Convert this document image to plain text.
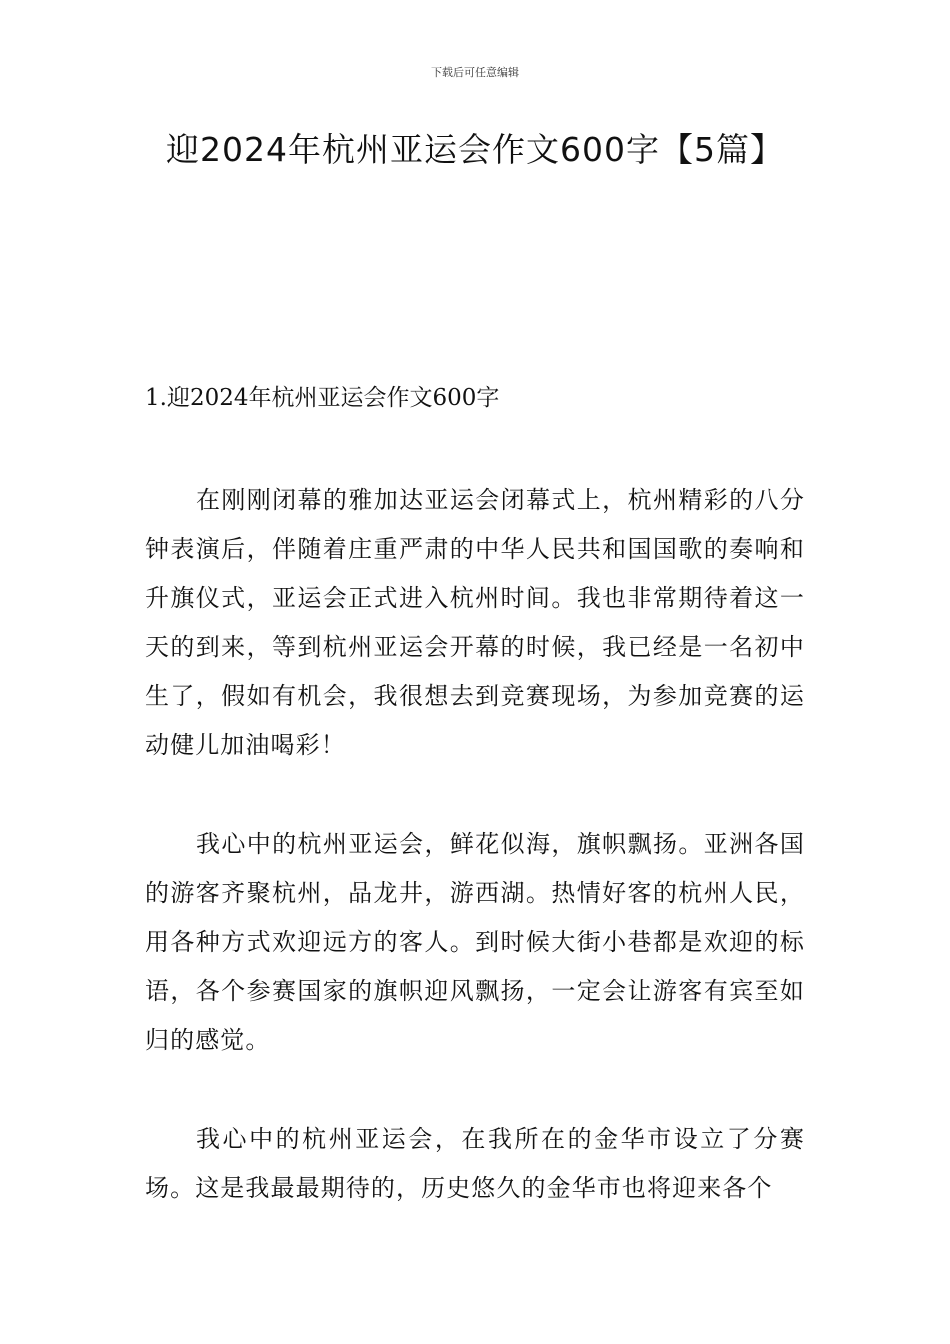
下载后可任意编辑
迎2024年杭州亚运会作文600字【5篇】
1.迎2024年杭州亚运会作文600字

在刚刚闭幕的雅加达亚运会闭幕式上，杭州精彩的八分钟表演后，伴随着庄重严肃的中华人民共和国国歌的奏响和升旗仪式，亚运会正式进入杭州时间。我也非常期待着这一天的到来，等到杭州亚运会开幕的时候，我已经是一名初中生了，假如有机会，我很想去到竞赛现场，为参加竞赛的运动健儿加油喝彩！

我心中的杭州亚运会，鲜花似海，旗帜飘扬。亚洲各国的游客齐聚杭州，品龙井，游西湖。热情好客的杭州人民，用各种方式欢迎远方的客人。到时候大街小巷都是欢迎的标语，各个参赛国家的旗帜迎风飘扬，一定会让游客有宾至如归的感觉。

我心中的杭州亚运会，在我所在的金华市设立了分赛场。这是我最最期待的，历史悠久的金华市也将迎来各个
